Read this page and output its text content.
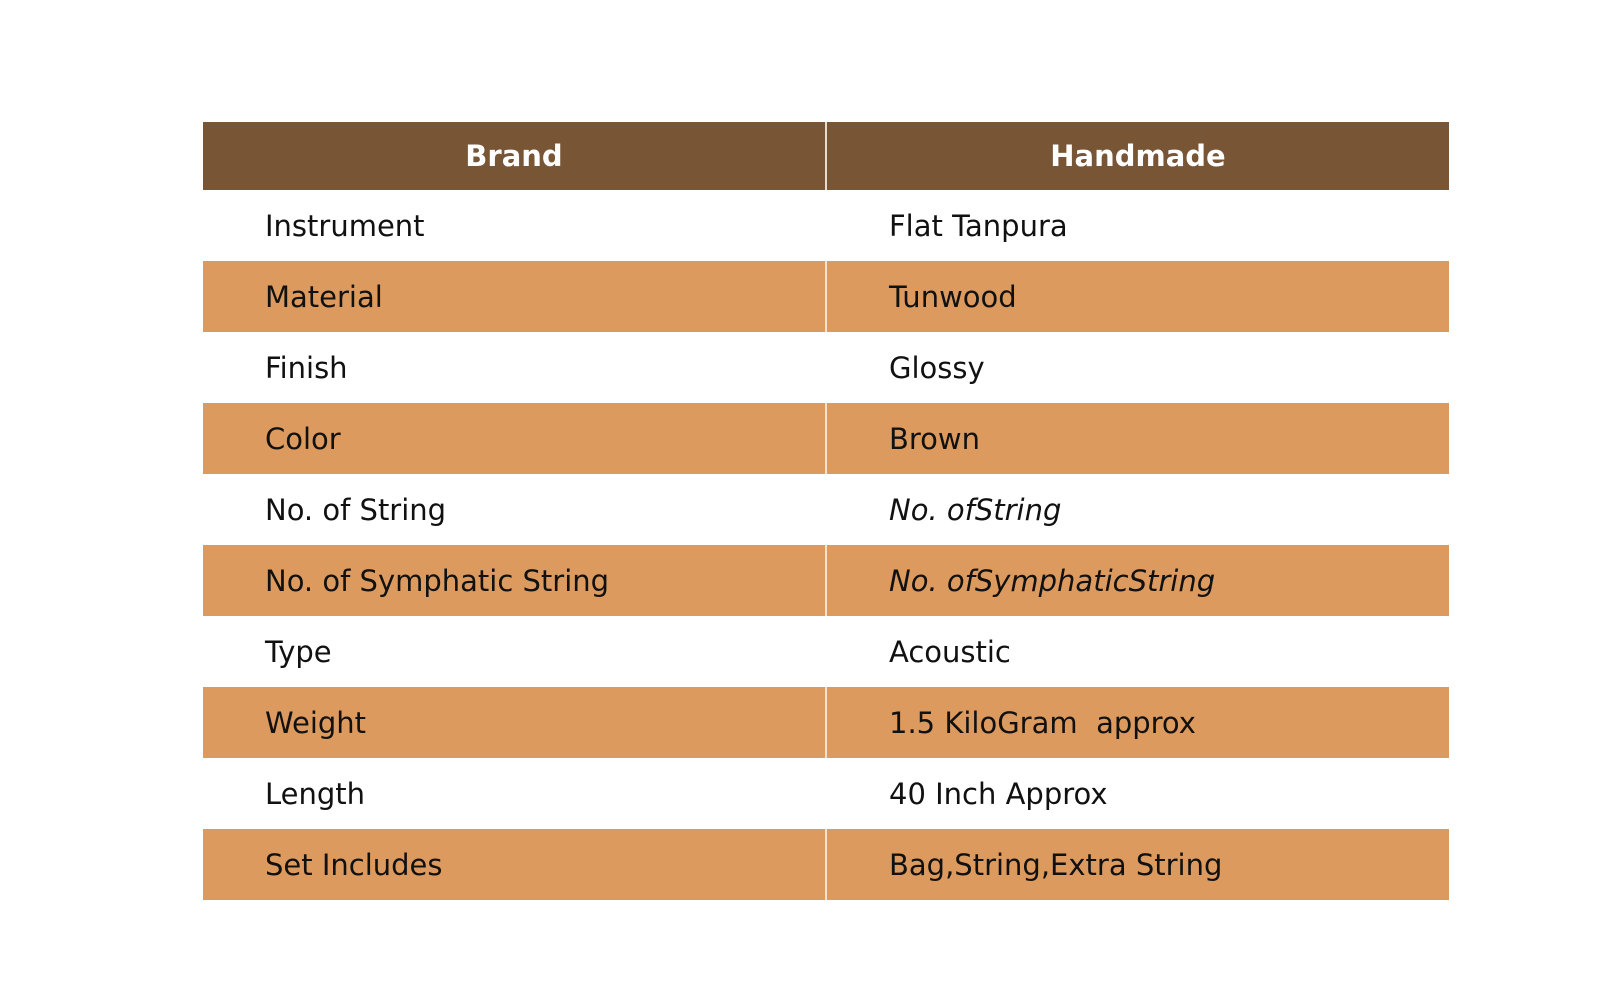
Brand	Handmade
Instrument	Flat Tanpura
Material	Tunwood
Finish	Glossy
Color	Brown
No. of String	No. ofString
No. of Symphatic String	No. ofSymphaticString
Type	Acoustic
Weight	1.5 KiloGram  approx
Length	40 Inch Approx
Set Includes	Bag,String,Extra String
